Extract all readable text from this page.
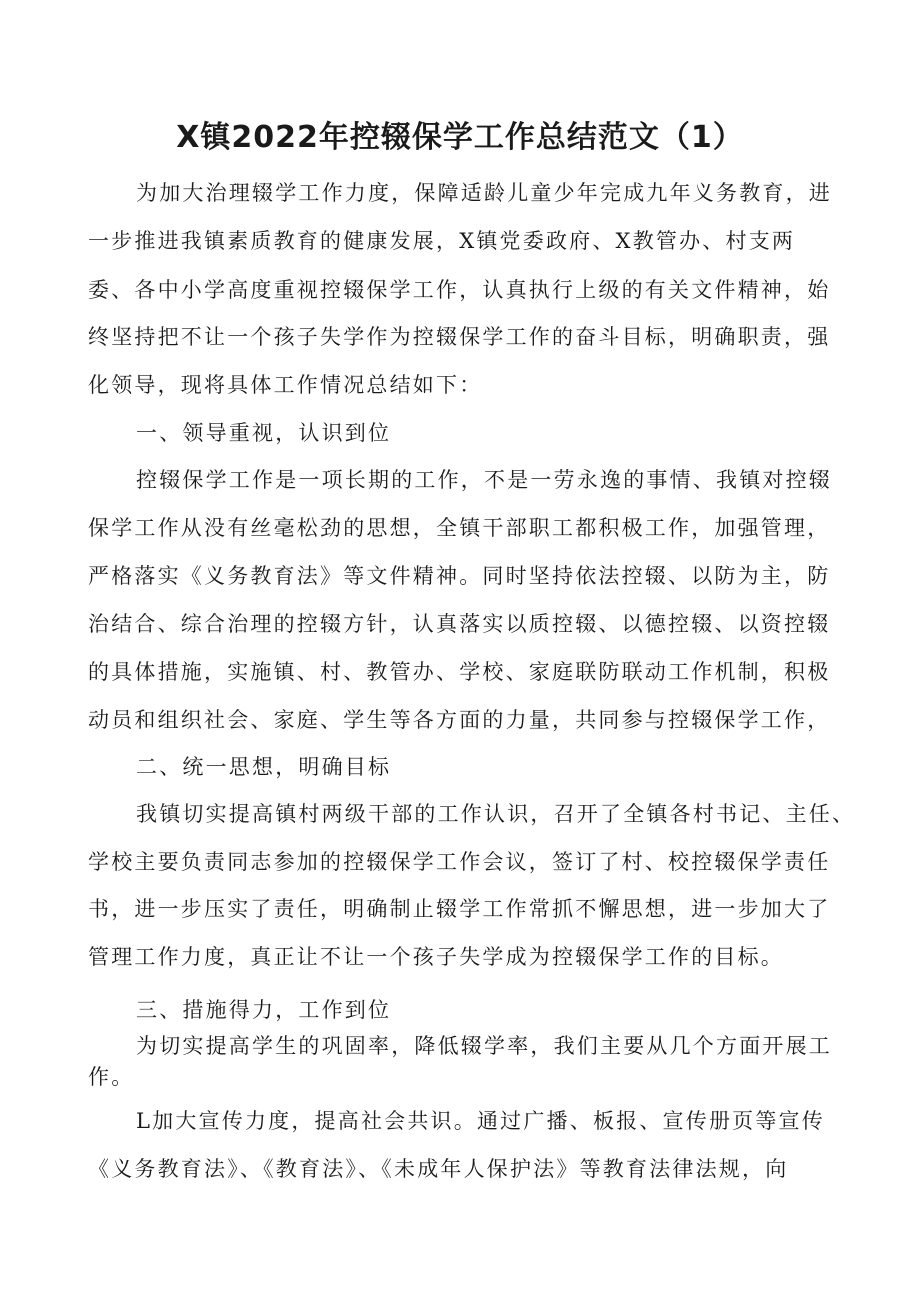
X镇2022年控辍保学工作总结范文（1）

为加大治理辍学工作力度，保障适龄儿童少年完成九年义务教育，进

一步推进我镇素质教育的健康发展，X镇党委政府、X教管办、村支两

委、各中小学高度重视控辍保学工作，认真执行上级的有关文件精神，始

终坚持把不让一个孩子失学作为控辍保学工作的奋斗目标，明确职责，强

化领导，现将具体工作情况总结如下：

一、领导重视，认识到位

控辍保学工作是一项长期的工作，不是一劳永逸的事情、我镇对控辍

保学工作从没有丝毫松劲的思想，全镇干部职工都积极工作，加强管理，

严格落实《义务教育法》等文件精神。同时坚持依法控辍、以防为主，防

治结合、综合治理的控辍方针，认真落实以质控辍、以德控辍、以资控辍

的具体措施，实施镇、村、教管办、学校、家庭联防联动工作机制，积极

动员和组织社会、家庭、学生等各方面的力量，共同参与控辍保学工作，

二、统一思想，明确目标

我镇切实提高镇村两级干部的工作认识，召开了全镇各村书记、主任、

学校主要负责同志参加的控辍保学工作会议，签订了村、校控辍保学责任

书，进一步压实了责任，明确制止辍学工作常抓不懈思想，进一步加大了

管理工作力度，真正让不让一个孩子失学成为控辍保学工作的目标。

三、措施得力，工作到位

为切实提高学生的巩固率，降低辍学率，我们主要从几个方面开展工

作。

L加大宣传力度，提高社会共识。通过广播、板报、宣传册页等宣传

《义务教育法》、《教育法》、《未成年人保护法》等教育法律法规，向
